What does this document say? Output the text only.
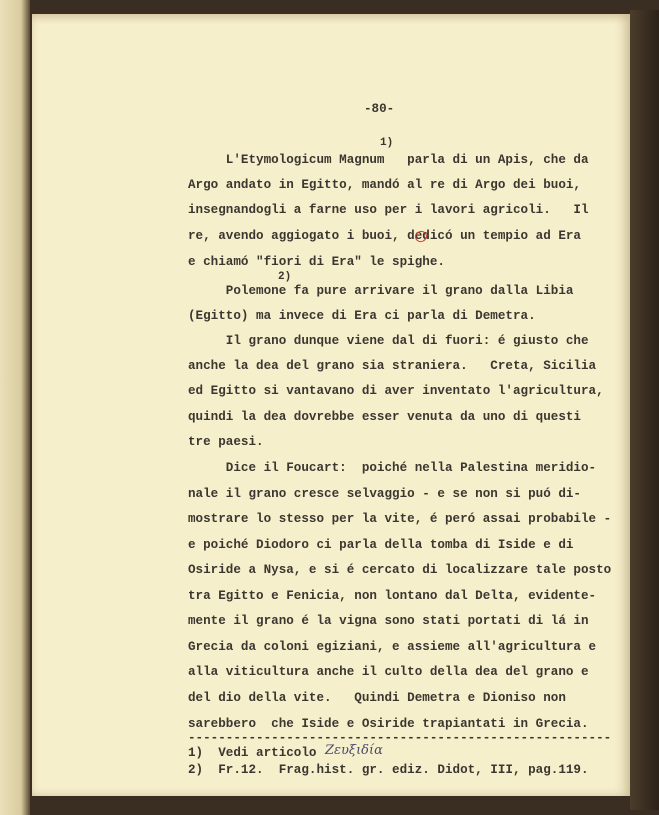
-80-
1)
L'Etymologicum Magnum   parla di un Apis, che da
Argo andato in Egitto, mandó al re di Argo dei buoi,
insegnandogli a farne uso per i lavori agricoli.   Il
re, avendo aggiogato i buoi, dedicó un tempio ad Era
e chiamó "fiori di Era" le spighe.
2)
Polemone fa pure arrivare il grano dalla Libia
(Egitto) ma invece di Era ci parla di Demetra.
Il grano dunque viene dal di fuori: é giusto che
anche la dea del grano sia straniera.   Creta, Sicilia
ed Egitto si vantavano di aver inventato l'agricultura,
quindi la dea dovrebbe esser venuta da uno di questi
tre paesi.
Dice il Foucart:  poiché nella Palestina meridio-
nale il grano cresce selvaggio - e se non si puó di-
mostrare lo stesso per la vite, é peró assai probabile -
e poiché Diodoro ci parla della tomba di Iside e di
Osiride a Nysa, e si é cercato di localizzare tale posto
tra Egitto e Fenicia, non lontano dal Delta, evidente-
mente il grano é la vigna sono stati portati di lá in
Grecia da coloni egiziani, e assieme all'agricultura e
alla viticultura anche il culto della dea del grano e
del dio della vite.   Quindi Demetra e Dioniso non
sarebbero  che Iside e Osiride trapiantati in Grecia.
--------------------------------------------------------
1)  Vedi articolo Ζευξιδία
2)  Fr.12.  Frag.hist. gr. ediz. Didot, III, pag.119.
